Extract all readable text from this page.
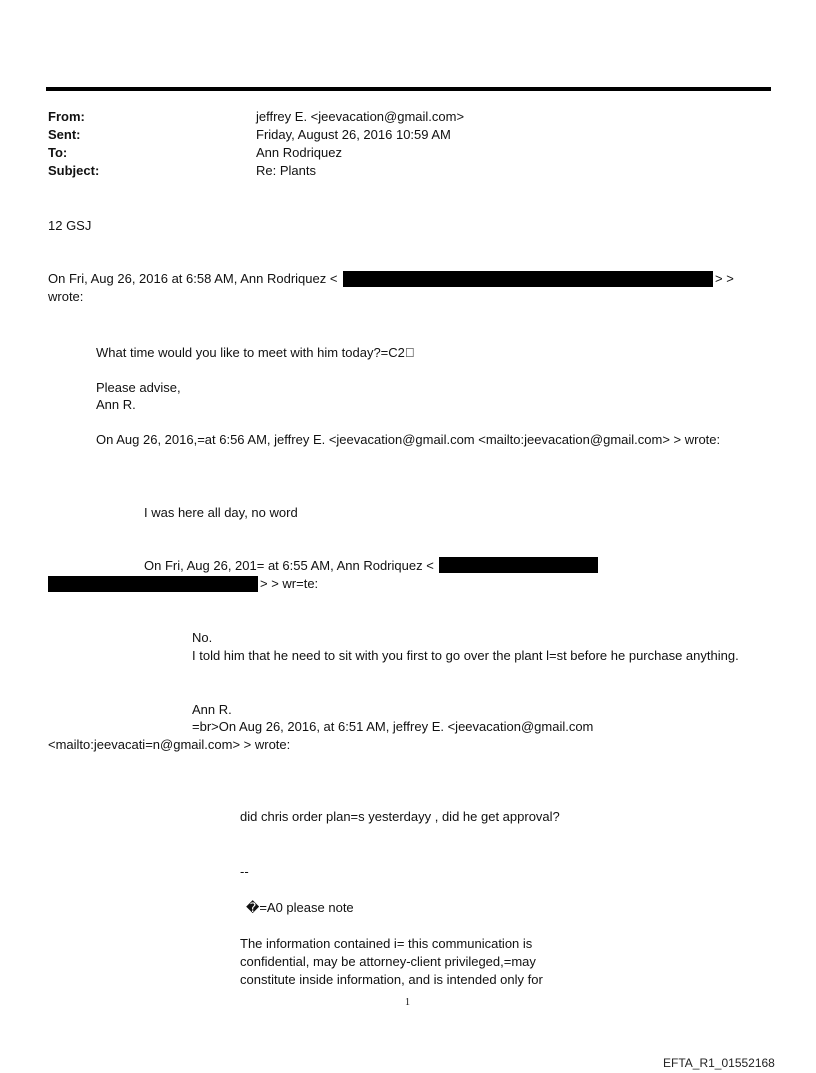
From:	jeffrey E. <jeevacation@gmail.com>
Sent:	Friday, August 26, 2016 10:59 AM
To:	Ann Rodriquez
Subject:	Re: Plants
12 GSJ
On Fri, Aug 26, 2016 at 6:58 AM, Ann Rodriquez <	> >
wrote:
What time would you like to meet with him today?=C2 
Please advise,
Ann R.
On Aug 26, 2016,=at 6:56 AM, jeffrey E. <jeevacation@gmail.com <mailto:jeevacation@gmail.com> > wrote:
I was here all day, no word
On Fri, Aug 26, 201= at 6:55 AM, Ann Rodriquez <
> > wr=te:
No.
I told him that he need to sit with you first to go over the plant l=st before he purchase anything.
Ann R.
=br>On Aug 26, 2016, at 6:51 AM, jeffrey E. <jeevacation@gmail.com
<mailto:jeevacati=n@gmail.com> > wrote:
did chris order plan=s yesterdayy , did he get approval?
--
�=A0 please note
The information contained i= this communication is
confidential, may be attorney-client privileged,=may
constitute inside information, and is intended only for
1
EFTA_R1_01552168
